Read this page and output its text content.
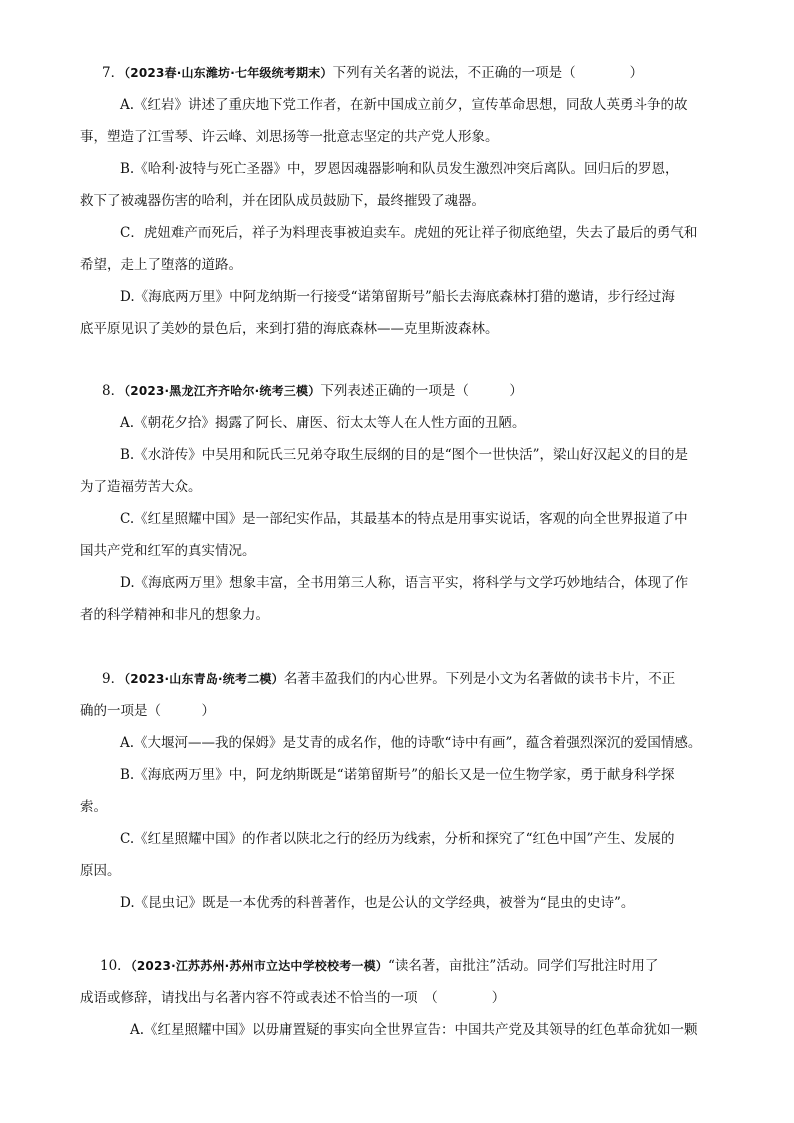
7．（2023春·山东潍坊·七年级统考期末）下列有关名著的说法，不正确的一项是（　　　　）
A.《红岩》讲述了重庆地下党工作者，在新中国成立前夕，宣传革命思想，同敌人英勇斗争的故
事，塑造了江雪琴、许云峰、刘思扬等一批意志坚定的共产党人形象。
B.《哈利·波特与死亡圣器》中，罗恩因魂器影响和队员发生激烈冲突后离队。回归后的罗恩，
救下了被魂器伤害的哈利，并在团队成员鼓励下，最终摧毁了魂器。
C．虎妞难产而死后，祥子为料理丧事被迫卖车。虎妞的死让祥子彻底绝望，失去了最后的勇气和
希望，走上了堕落的道路。
D.《海底两万里》中阿龙纳斯一行接受“诺第留斯号”船长去海底森林打猎的邀请，步行经过海
底平原见识了美妙的景色后，来到打猎的海底森林——克里斯波森林。
8．（2023·黑龙江齐齐哈尔·统考三模）下列表述正确的一项是（　　　）
A.《朝花夕拾》揭露了阿长、庸医、衍太太等人在人性方面的丑陋。
B.《水浒传》中吴用和阮氏三兄弟夺取生辰纲的目的是“图个一世快活”，梁山好汉起义的目的是
为了造福劳苦大众。
C.《红星照耀中国》是一部纪实作品，其最基本的特点是用事实说话，客观的向全世界报道了中
国共产党和红军的真实情况。
D.《海底两万里》想象丰富，全书用第三人称，语言平实，将科学与文学巧妙地结合，体现了作
者的科学精神和非凡的想象力。
9．（2023·山东青岛·统考二模）名著丰盈我们的内心世界。下列是小文为名著做的读书卡片，不正
确的一项是（　　　）
A.《大堰河——我的保姆》是艾青的成名作，他的诗歌“诗中有画”，蕴含着强烈深沉的爱国情感。
B.《海底两万里》中，阿龙纳斯既是“诺第留斯号”的船长又是一位生物学家，勇于献身科学探
索。
C.《红星照耀中国》的作者以陕北之行的经历为线索，分析和探究了“红色中国”产生、发展的
原因。
D.《昆虫记》既是一本优秀的科普著作，也是公认的文学经典，被誉为“昆虫的史诗”。
10．（2023·江苏苏州·苏州市立达中学校校考一模）“读名著，亩批注”活动。同学们写批注时用了
成语或修辞，请找出与名著内容不符或表述不恰当的一项　（　　　　）
A.《红星照耀中国》以毋庸置疑的事实向全世界宣告：中国共产党及其领导的红色革命犹如一颗
